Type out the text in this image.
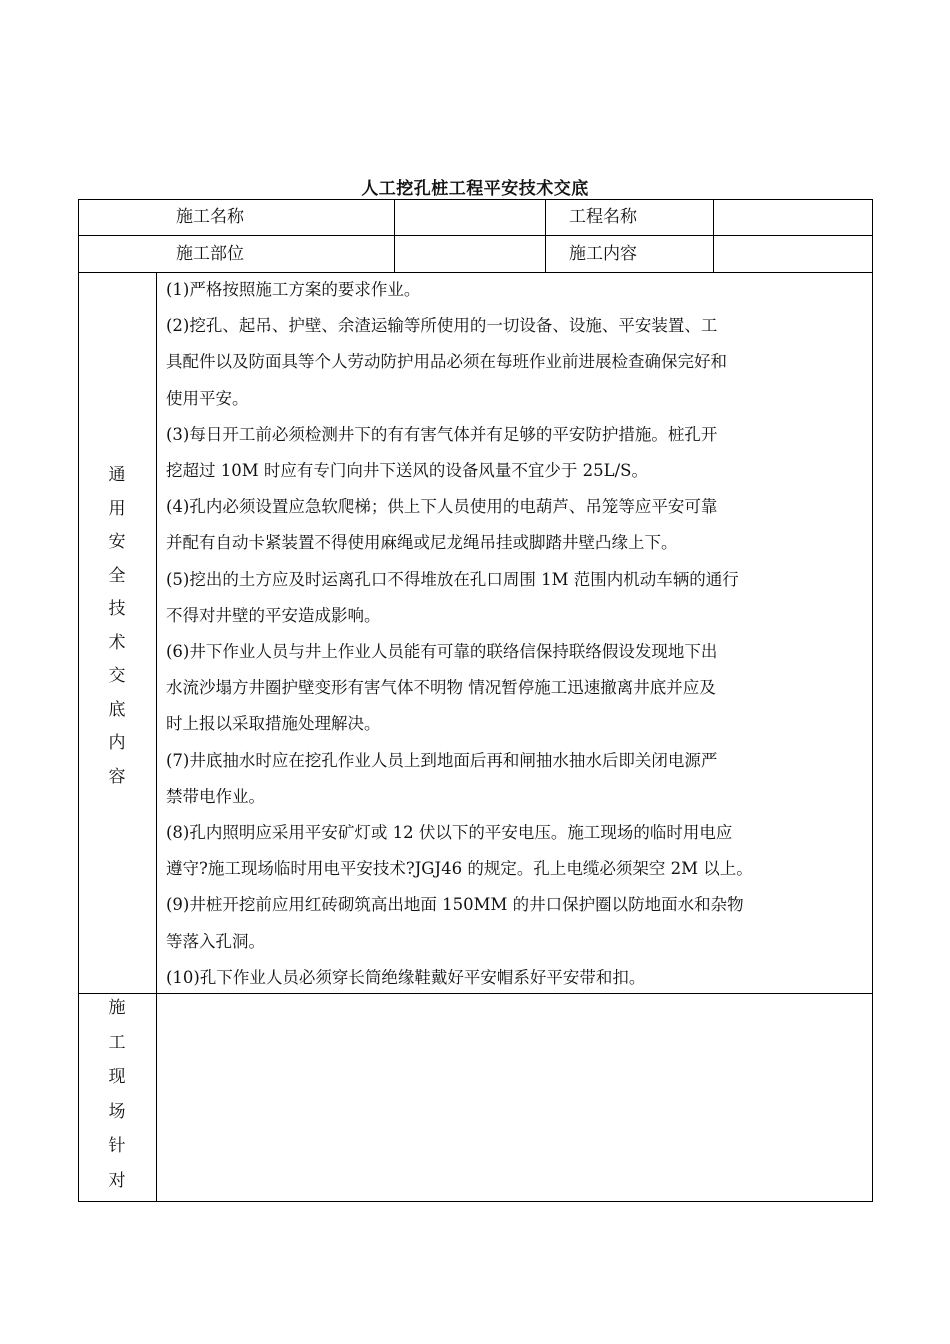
人工挖孔桩工程平安技术交底
施工名称	工程名称
施工部位	施工内容
通
用
安
全
技
术
交
底
内
容

(1)严格按照施工方案的要求作业。

(2)挖孔、起吊、护壁、余渣运输等所使用的一切设备、设施、平安装置、工

具配件以及防面具等个人劳动防护用品必须在每班作业前进展检查确保完好和

使用平安。

(3)每日开工前必须检测井下的有有害气体并有足够的平安防护措施。桩孔开

挖超过 10M 时应有专门向井下送风的设备风量不宜少于 25L/S。

(4)孔内必须设置应急软爬梯；供上下人员使用的电葫芦、吊笼等应平安可靠

并配有自动卡紧装置不得使用麻绳或尼龙绳吊挂或脚踏井壁凸缘上下。

(5)挖出的土方应及时运离孔口不得堆放在孔口周围 1M 范围内机动车辆的通行

不得对井壁的平安造成影响。

(6)井下作业人员与井上作业人员能有可靠的联络信保持联络假设发现地下出

水流沙塌方井圈护壁变形有害气体不明物 情况暂停施工迅速撤离井底并应及

时上报以采取措施处理解决。

(7)井底抽水时应在挖孔作业人员上到地面后再和闸抽水抽水后即关闭电源严

禁带电作业。

(8)孔内照明应采用平安矿灯或 12 伏以下的平安电压。施工现场的临时用电应

遵守?施工现场临时用电平安技术?JGJ46 的规定。孔上电缆必须架空 2M 以上。

(9)井桩开挖前应用红砖砌筑高出地面 150MM 的井口保护圈以防地面水和杂物

等落入孔洞。

(10)孔下作业人员必须穿长筒绝缘鞋戴好平安帽系好平安带和扣。

施
工
现
场
针
对
